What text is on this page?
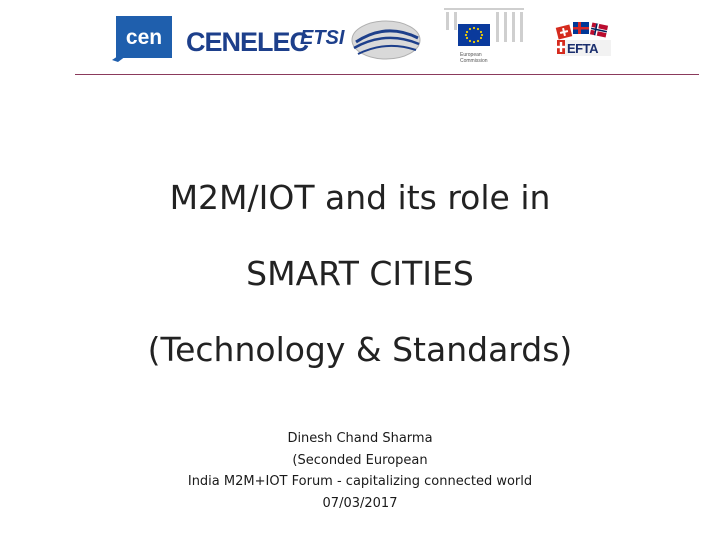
cen CENELEC
ETSI
European
Commission
EFTA
M2M/IOT and its role in
SMART CITIES
(Technology & Standards)
Dinesh Chand Sharma
(Seconded European
India M2M+IOT Forum - capitalizing connected world
07/03/2017
